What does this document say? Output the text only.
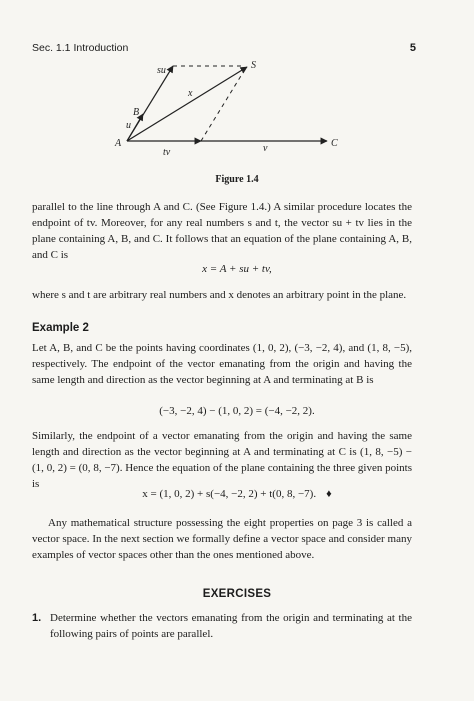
Sec. 1.1 Introduction	5
su	S
x
B
u
A
tv	v	C
Figure 1.4
parallel to the line through A and C. (See Figure 1.4.) A similar procedure locates the endpoint of tv. Moreover, for any real numbers s and t, the vector su + tv lies in the plane containing A, B, and C. It follows that an equation of the plane containing A, B, and C is
x = A + su + tv,
where s and t are arbitrary real numbers and x denotes an arbitrary point in the plane.
Example 2
Let A, B, and C be the points having coordinates (1, 0, 2), (−3, −2, 4), and (1, 8, −5), respectively. The endpoint of the vector emanating from the origin and having the same length and direction as the vector beginning at A and terminating at B is
(−3, −2, 4) − (1, 0, 2) = (−4, −2, 2).
Similarly, the endpoint of a vector emanating from the origin and having the same length and direction as the vector beginning at A and terminating at C is (1, 8, −5) − (1, 0, 2) = (0, 8, −7). Hence the equation of the plane containing the three given points is
x = (1, 0, 2) + s(−4, −2, 2) + t(0, 8, −7). ♦
Any mathematical structure possessing the eight properties on page 3 is called a vector space. In the next section we formally define a vector space and consider many examples of vector spaces other than the ones mentioned above.
EXERCISES
1. Determine whether the vectors emanating from the origin and terminating at the following pairs of points are parallel.
